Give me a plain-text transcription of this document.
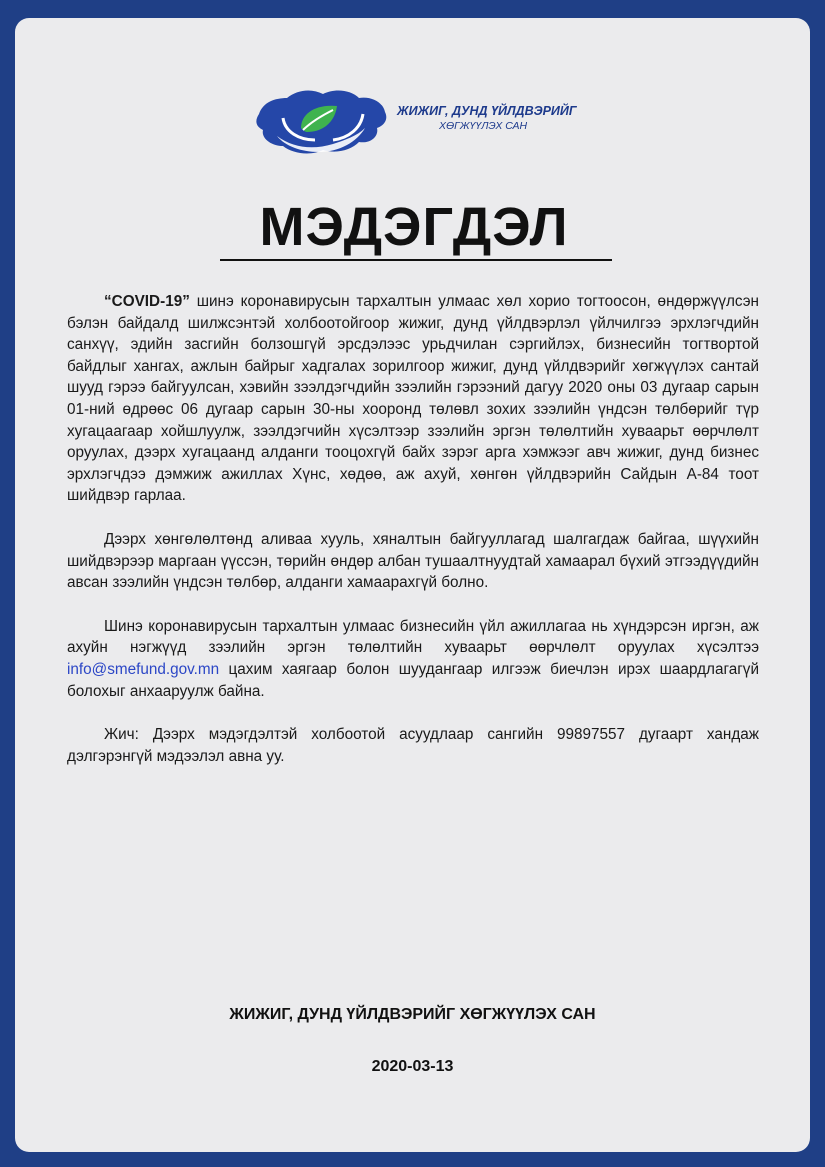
ЖИЖИГ, ДУНД ҮЙЛДВЭРИЙГ
ХӨГЖҮҮЛЭХ САН
МЭДЭГДЭЛ

“COVID-19” шинэ коронавирусын тархалтын улмаас хөл хорио тогтоосон, өндөржүүлсэн бэлэн байдалд шилжсэнтэй холбоотойгоор жижиг, дунд үйлдвэрлэл үйлчилгээ эрхлэгчдийн санхүү, эдийн засгийн болзошгүй эрсдэлээс урьдчилан сэргийлэх, бизнесийн тогтвортой байдлыг хангах, ажлын байрыг хадгалах зорилгоор жижиг, дунд үйлдвэрийг хөгжүүлэх сантай шууд гэрээ байгуулсан, хэвийн зээлдэгчдийн зээлийн гэрээний дагуу 2020 оны 03 дугаар сарын 01-ний өдрөөс 06 дугаар сарын 30-ны хооронд төлөвл зохих зээлийн үндсэн төлбөрийг түр хугацаагаар хойшлуулж, зээлдэгчийн хүсэлтээр зээлийн эргэн төлөлтийн хуваарьт өөрчлөлт оруулах, дээрх хугацаанд алданги тооцохгүй байх зэрэг арга хэмжээг авч жижиг, дунд бизнес эрхлэгчдээ дэмжиж ажиллах Хүнс, хөдөө, аж ахуй, хөнгөн үйлдвэрийн Сайдын А-84 тоот шийдвэр гарлаа.

Дээрх хөнгөлөлтөнд аливаа хууль, хяналтын байгууллагад шалгагдаж байгаа, шүүхийн шийдвэрээр маргаан үүссэн, төрийн өндөр албан тушаалтнуудтай хамаарал бүхий этгээдүүдийн авсан зээлийн үндсэн төлбөр, алданги хамаарахгүй болно.

Шинэ коронавирусын тархалтын улмаас бизнесийн үйл ажиллагаа нь хүндэрсэн иргэн, аж ахуйн нэгжүүд зээлийн эргэн төлөлтийн хуваарьт өөрчлөлт оруулах хүсэлтээ info@smefund.gov.mn цахим хаягаар болон шуудангаар илгээж биечлэн ирэх шаардлагагүй болохыг анхааруулж байна.

Жич: Дээрх мэдэгдэлтэй холбоотой асуудлаар сангийн 99897557 дугаарт хандаж дэлгэрэнгүй мэдээлэл авна уу.

ЖИЖИГ, ДУНД ҮЙЛДВЭРИЙГ ХӨГЖҮҮЛЭХ САН
2020-03-13
